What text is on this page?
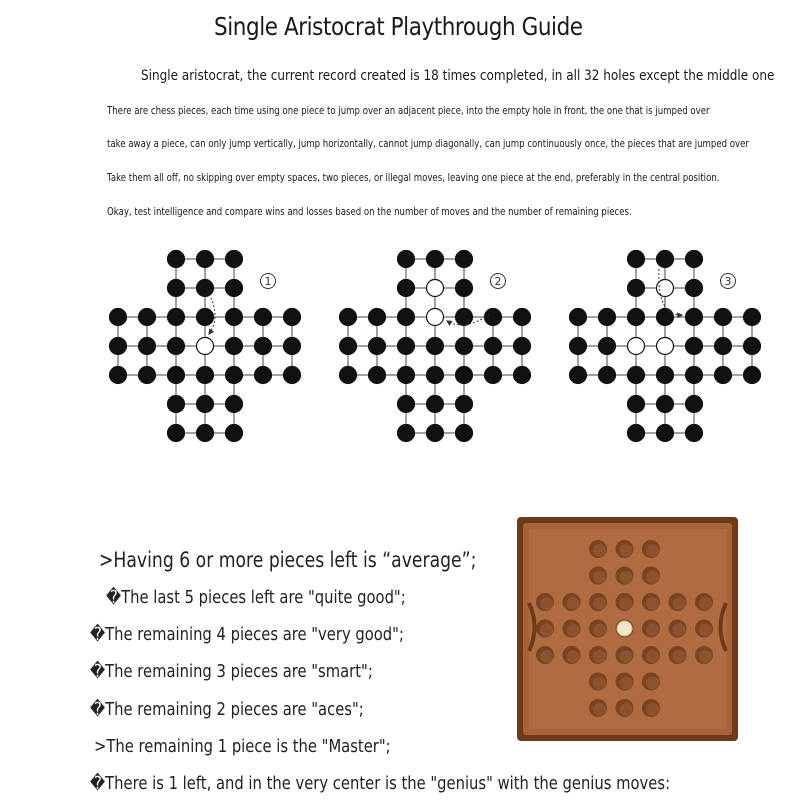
Single Aristocrat Playthrough Guide
Single aristocrat, the current record created is 18 times completed, in all 32 holes except the middle one
There are chess pieces, each time using one piece to jump over an adjacent piece, into the empty hole in front, the one that is jumped over
take away a piece, can only jump vertically, jump horizontally, cannot jump diagonally, can jump continuously once, the pieces that are jumped over
Take them all off, no skipping over empty spaces, two pieces, or illegal moves, leaving one piece at the end, preferably in the central position.
Okay, test intelligence and compare wins and losses based on the number of moves and the number of remaining pieces.
1	2	3
>Having 6 or more pieces left is “average”;
�The last 5 pieces left are "quite good";
�The remaining 4 pieces are "very good";
�The remaining 3 pieces are "smart";
�The remaining 2 pieces are "aces";
>The remaining 1 piece is the "Master";
�There is 1 left, and in the very center is the "genius" with the genius moves:
